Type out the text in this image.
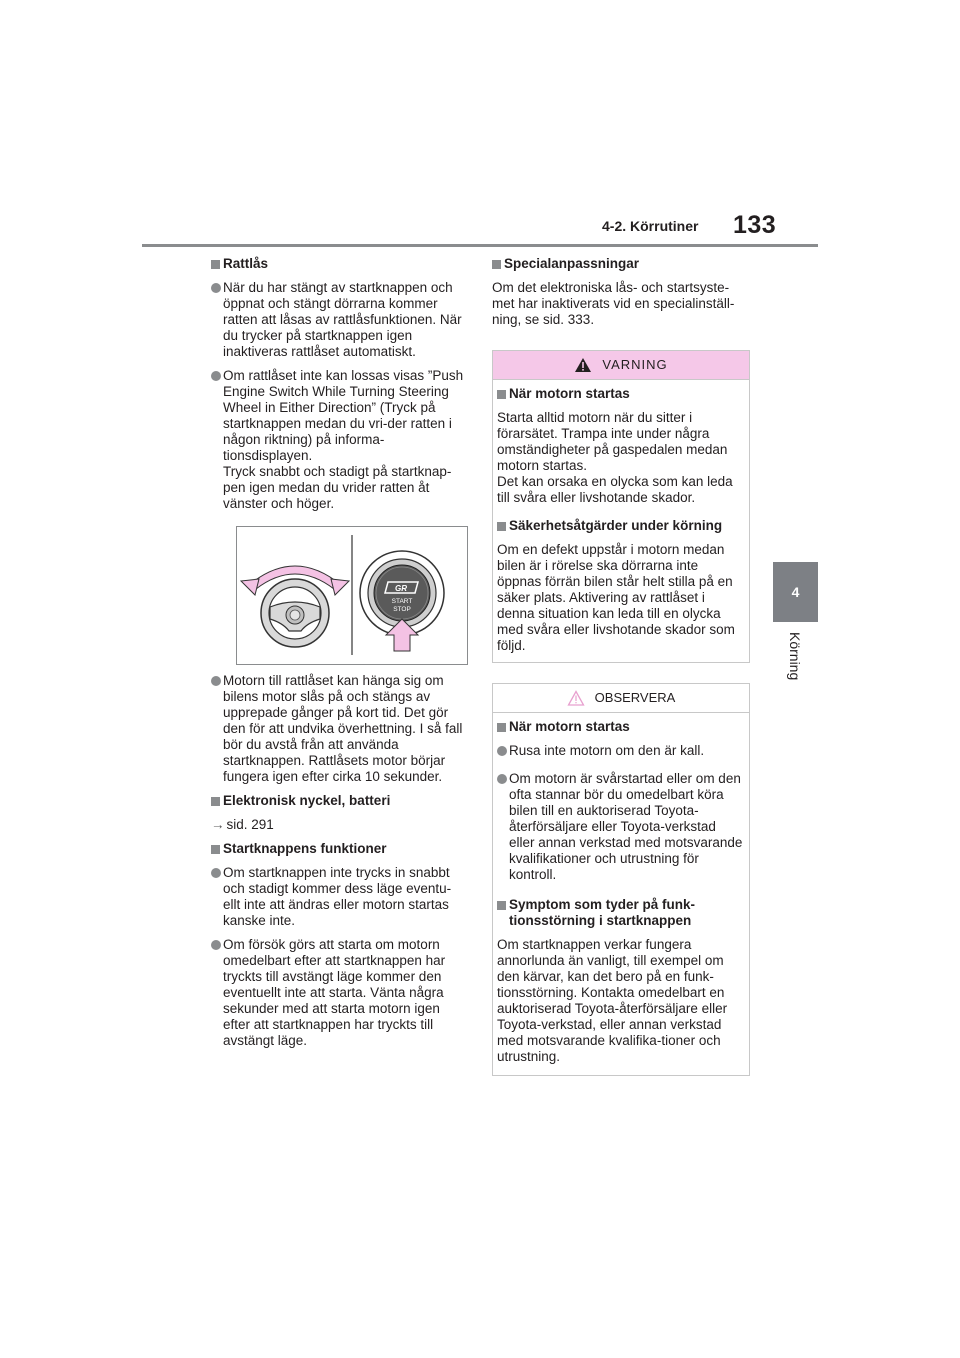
4-2. Körrutiner 133
4
Körning
Rattlås
När du har stängt av startknappen och öppnat och stängt dörrarna kommer ratten att låsas av rattlåsfunktionen. När du trycker på startknappen igen inaktiveras rattlåset automatiskt.
Om rattlåset inte kan lossas visas ”Push Engine Switch While Turning Steering Wheel in Either Direction” (Tryck på startknappen medan du vri-der ratten i någon riktning) på informa-tionsdisplayen.
Tryck snabbt och stadigt på startknap-pen igen medan du vrider ratten åt vänster och höger.
GR
START
STOP
Motorn till rattlåset kan hänga sig om bilens motor slås på och stängs av upprepade gånger på kort tid. Det gör den för att undvika överhettning. I så fall bör du avstå från att använda startknappen. Rattlåsets motor börjar fungera igen efter cirka 10 sekunder.
Elektronisk nyckel, batteri
→ sid. 291
Startknappens funktioner
Om startknappen inte trycks in snabbt och stadigt kommer dess läge eventu-ellt inte att ändras eller motorn startas kanske inte.
Om försök görs att starta om motorn omedelbart efter att startknappen har tryckts till avstängt läge kommer den eventuellt inte att starta. Vänta några sekunder med att starta motorn igen efter att startknappen har tryckts till avstängt läge.
Specialanpassningar
Om det elektroniska lås- och startsyste-met har inaktiverats vid en specialinställ-ning, se sid. 333.
VARNING
När motorn startas
Starta alltid motorn när du sitter i förarsätet. Trampa inte under några omständigheter på gaspedalen medan motorn startas.
Det kan orsaka en olycka som kan leda till svåra eller livshotande skador.
Säkerhetsåtgärder under körning
Om en defekt uppstår i motorn medan bilen är i rörelse ska dörrarna inte öppnas förrän bilen står helt stilla på en säker plats. Aktivering av rattlåset i denna situation kan leda till en olycka med svåra eller livshotande skador som följd.
OBSERVERA
När motorn startas
Rusa inte motorn om den är kall.
Om motorn är svårstartad eller om den ofta stannar bör du omedelbart köra bilen till en auktoriserad Toyota-återförsäljare eller Toyota-verkstad eller annan verkstad med motsvarande kvalifikationer och utrustning för kontroll.
Symptom som tyder på funk-tionsstörning i startknappen
Om startknappen verkar fungera annorlunda än vanligt, till exempel om den kärvar, kan det bero på en funk-tionsstörning. Kontakta omedelbart en auktoriserad Toyota-återförsäljare eller Toyota-verkstad, eller annan verkstad med motsvarande kvalifika-tioner och utrustning.
